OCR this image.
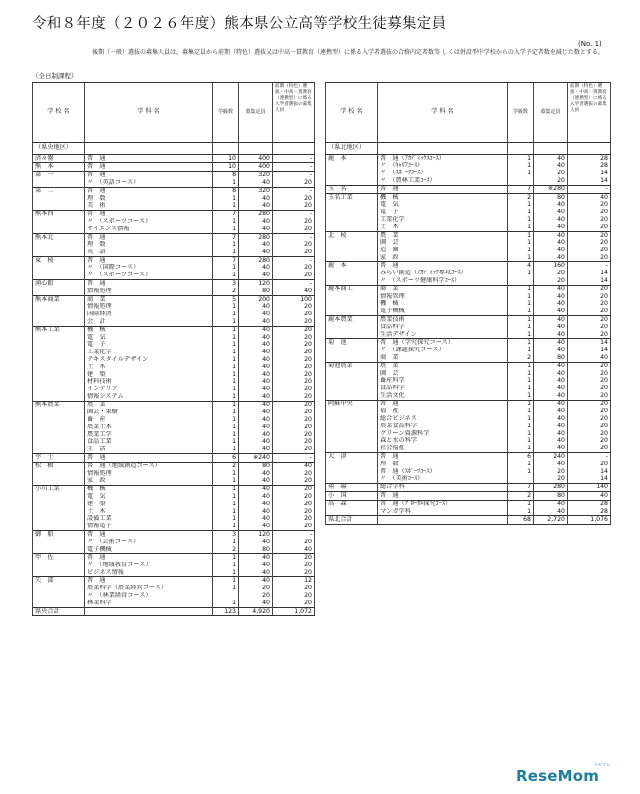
令和８年度（２０２６年度）熊本県公立高等学校生徒募集定員
(No. 1)
後期（一般）選抜の募集人員は，募集定員から前期（特色）選抜又は中高一貫教育（連携型）に係る入学者選抜の合格内定者数等 しくは併設型中学校からの入学予定者数を減じた数とする。
（全日制課程）
学 校 名	学 科 名	学級数	募集定員	前期（特色）選抜・中高一貫教育（連携型）に係る入学者選抜の募集人員
（県央地区）				
済々黌	普　通	10	400	-
熊　本	普　通	10	400	-
第　一	普　通	8	320	-
	〃　（英語コース）	1	40	20
第　二	普　通	8	320	-
	理　数	1	40	20
	美　術	1	40	20
熊本西	普　通	7	280	-
	〃　（スポーツコース）	1	40	20
	サイエンス情報	1	40	20
熊本北	普　通	7	280	-
	理　数	1	40	20
	英　語	1	40	20
東　稜	普　通	7	280	-
	〃　（国際コース）	1	40	20
	〃　（スポーツコース）	1	40	20
湧心館	普　通	3	120	-
	情報処理	2	80	40
熊本商業	商　業	5	200	100
	情報処理	1	40	20
	国際経済	1	40	20
	会　計	1	40	20
熊本工業	機　械	1	40	20
	電　気	1	40	20
	電　子	1	40	20
	工業化学	1	40	20
	テキスタイルデザイン	1	40	20
	土　木	1	40	20
	建　築	1	40	20
	材料技術	1	40	20
	インテリア	1	40	20
	情報システム	1	40	20
熊本農業	農　業	1	40	20
	園芸・果樹	1	40	20
	畜　産	1	40	20
	農業土木	1	40	20
	農業工学	1	40	20
	食品工業	1	40	20
	生　活	1	40	20
宇　土	普　通	6	※240	-
松　橋	普　通（地域創造コース）	2	80	40
	情報処理	1	40	20
	家　政	1	40	20
小川工業	機　械	1	40	20
	電　気	1	40	20
	建　築	1	40	20
	土　木	1	40	20
	設備工業	1	40	20
	情報電子	1	40	20
御　船	普　通	3	120	-
	〃　（芸術コース）	1	40	20
	電子機械	2	80	40
甲　佐	普　通	1	40	20
	〃　（地域教育コース）	1	40	20
	ビジネス情報	1	40	20
矢　部	普　通	1	40	12
	農業科学（農業経営コース）	1	20	20
	〃　（林業経営コース）		20	20
	林業科学	1	40	20
県央合計		123	4,920	1,072
学 校 名	学 科 名	学級数	募集定員	前期（特色）選抜・中高一貫教育（連携型）に係る入学者選抜の募集人員
（県北地区）				
鹿　本	普　通（ｱｶﾃﾞﾐｯｸｽｺｰｽ）	1	40	28
	〃　（ｷｬﾘｱｺｰｽ）	1	40	28
	〃　（ｽﾎﾟｰﾂｺｰｽ）	1	20	14
	〃　（農林工業ｺｰｽ）		20	14
玉　名	普　通	7	※280	-
玉名工業	機　械	2	80	40
	電　気	1	40	20
	電　子	1	40	20
	工業化学	1	40	20
	土　木	1	40	20
北　稜	農　業	1	40	20
	園　芸	1	40	20
	造　園	1	40	20
	家　政	1	40	20
鹿　本	普　通	4	160	-
	みらい創造（ｱｶﾃﾞﾐｯｸ専攻ｺｰｽ）	1	20	14
	〃　（スポーツ健康科学ｺｰｽ）		20	14
鹿本商工	商　業	1	40	20
	情報管理	1	40	20
	機　械	1	40	20
	電子機械	1	40	20
鹿本農業	農業技術	1	40	20
	食品科学	1	40	20
	生活デザイン	1	40	20
菊　池	普　通（学究探究コース）	1	40	14
	〃　（課題探究コース）	1	40	14
	商　業	2	80	40
菊池農業	農　業	1	40	20
	園　芸	1	40	20
	畜産科学	1	40	20
	食品科学	1	40	20
	生活文化	1	40	20
阿蘇中央	普　通	1	40	20
	福　祉	1	40	20
	総合ビジネス	1	40	20
	農業食品科学	1	40	20
	グリーン資源科学	1	40	20
	森と水の科学	1	40	20
	社会福祉	1	40	20
大　津	普　通	6	240	-
	理　数	1	40	20
	普　通（ｽﾎﾟｰﾂｺｰｽ）	1	20	14
	〃　（美術ｺｰｽ）		20	14
翔　陽	総合学科	7	280	140
小　国	普　通	2	80	40
高　森	普　通（ｸﾞﾛｰｶﾙ探究ｺｰｽ）	1	40	28
	マンガ学科	1	40	28
県北合計		68	2,720	1,076
ReseMom
リセマム
